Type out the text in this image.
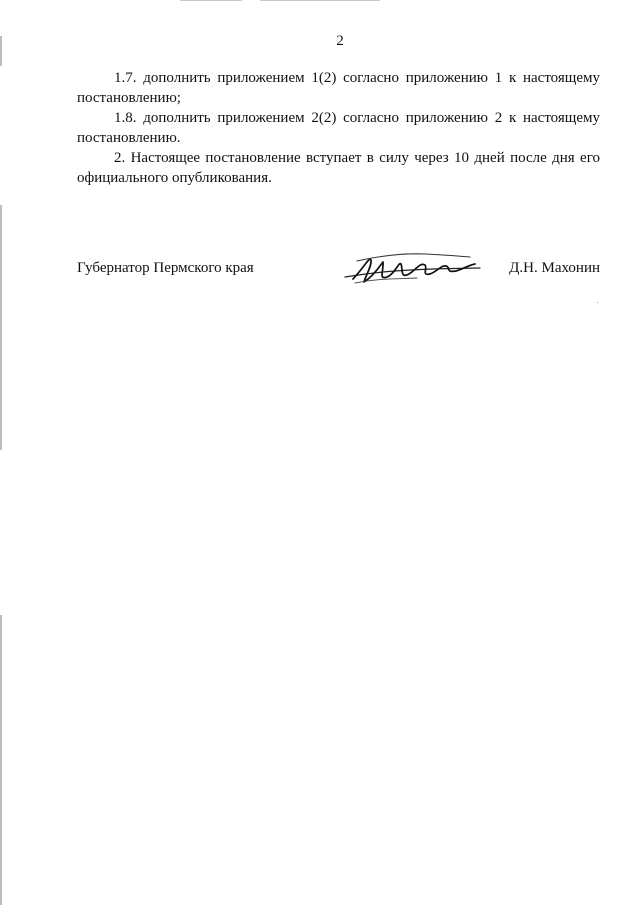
2

1.7. дополнить приложением 1(2) согласно приложению 1 к настоящему постановлению;

1.8. дополнить приложением 2(2) согласно приложению 2 к настоящему постановлению.

2. Настоящее постановление вступает в силу через 10 дней после дня его официального опубликования.

Губернатор Пермского края	Д.Н. Махонин
